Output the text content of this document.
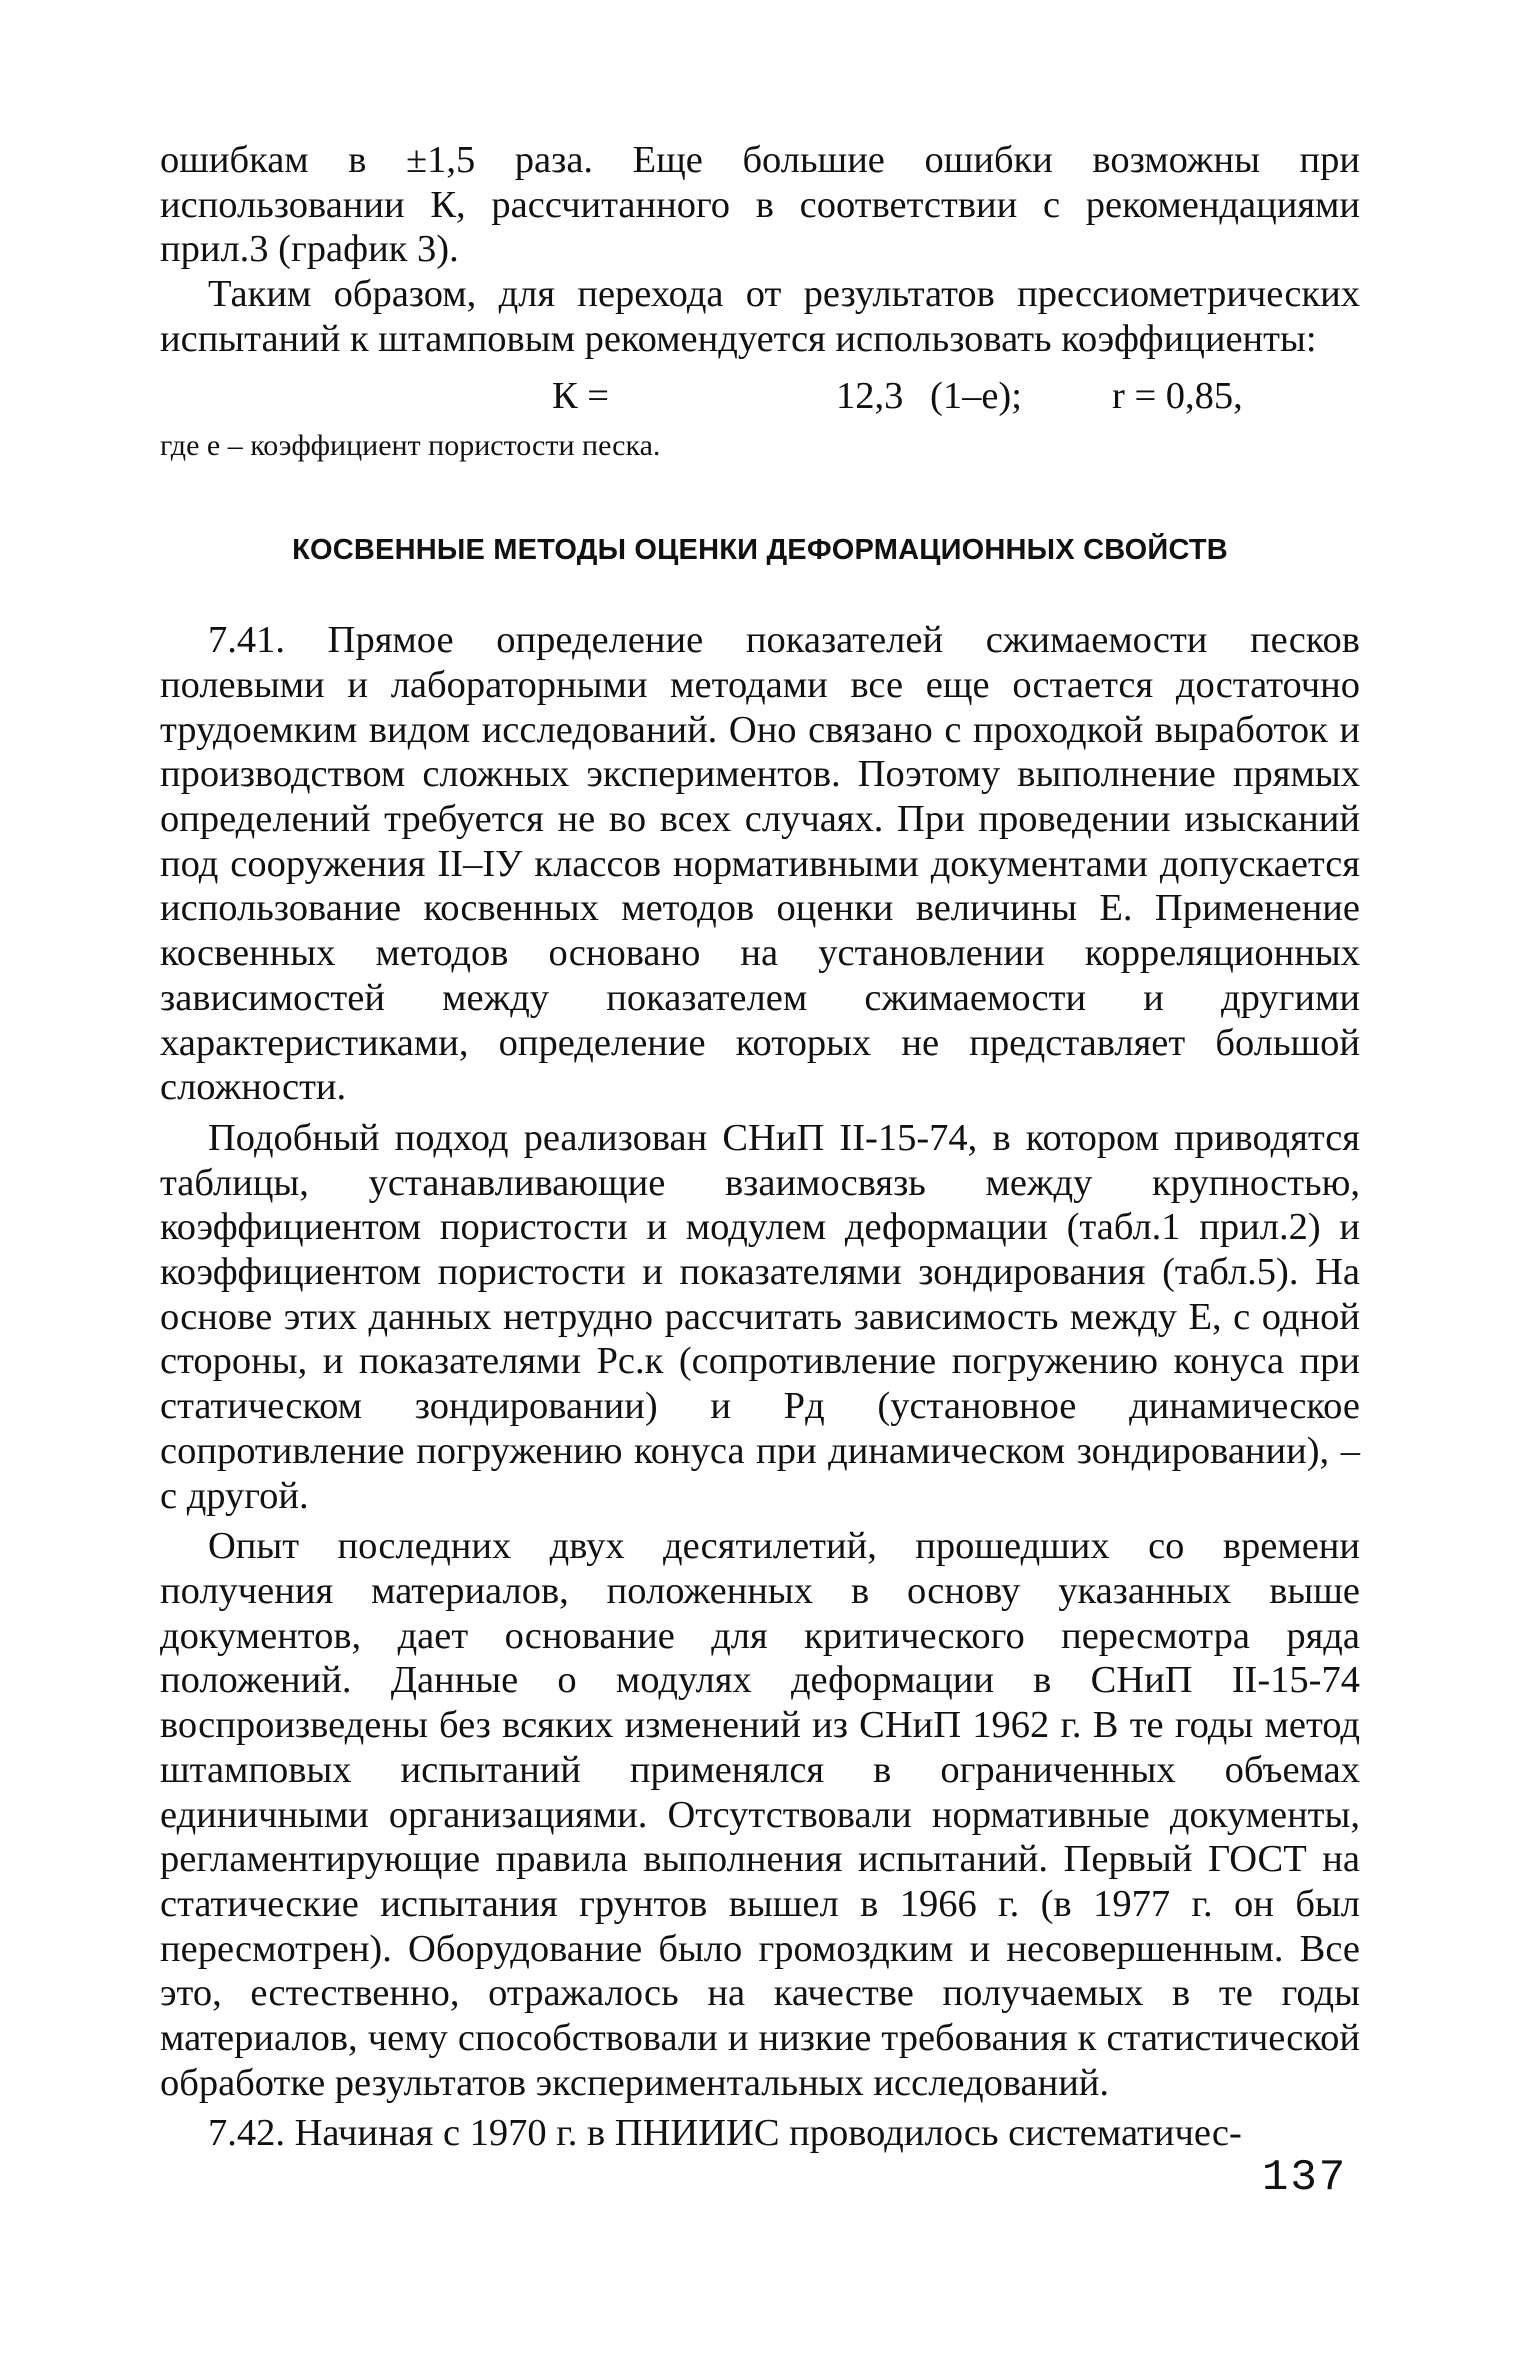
ошибкам в ±1,5 раза. Еще большие ошибки возможны при использовании К, рассчитанного в соответствии с рекомендациями прил.3 (график 3).

Таким образом, для перехода от результатов прессиометрических испытаний к штамповым рекомендуется использовать коэффициенты:

К =	12,3 (1–е); r = 0,85,

где е – коэффициент пористости песка.

КОСВЕННЫЕ МЕТОДЫ ОЦЕНКИ ДЕФОРМАЦИОННЫХ СВОЙСТВ

7.41. Прямое определение показателей сжимаемости песков полевыми и лабораторными методами все еще остается достаточно трудоемким видом исследований. Оно связано с проходкой выработок и производством сложных экспериментов. Поэтому выполнение прямых определений требуется не во всех случаях. При проведении изысканий под сооружения II–IУ классов нормативными документами допускается использование косвенных методов оценки величины Е. Применение косвенных методов основано на установлении корреляционных зависимостей между показателем сжимаемости и другими характеристиками, определение которых не представляет большой сложности.

Подобный подход реализован СНиП II-15-74, в котором приводятся таблицы, устанавливающие взаимосвязь между крупностью, коэффициентом пористости и модулем деформации (табл.1 прил.2) и коэффициентом пористости и показателями зондирования (табл.5). На основе этих данных нетрудно рассчитать зависимость между Е, с одной стороны, и показателями Pс.к (сопротивление погружению конуса при статическом зондировании) и Pд (установное динамическое сопротивление погружению конуса при динамическом зондировании), – с другой.

Опыт последних двух десятилетий, прошедших со времени получения материалов, положенных в основу указанных выше документов, дает основание для критического пересмотра ряда положений. Данные о модулях деформации в СНиП II-15-74 воспроизведены без всяких изменений из СНиП 1962 г. В те годы метод штамповых испытаний применялся в ограниченных объемах единичными организациями. Отсутствовали нормативные документы, регламентирующие правила выполнения испытаний. Первый ГОСТ на статические испытания грунтов вышел в 1966 г. (в 1977 г. он был пересмотрен). Оборудование было громоздким и несовершенным. Все это, естественно, отражалось на качестве получаемых в те годы материалов, чему способствовали и низкие требования к статистической обработке результатов экспериментальных исследований.

7.42. Начиная с 1970 г. в ПНИИИС проводилось систематичес-

137
